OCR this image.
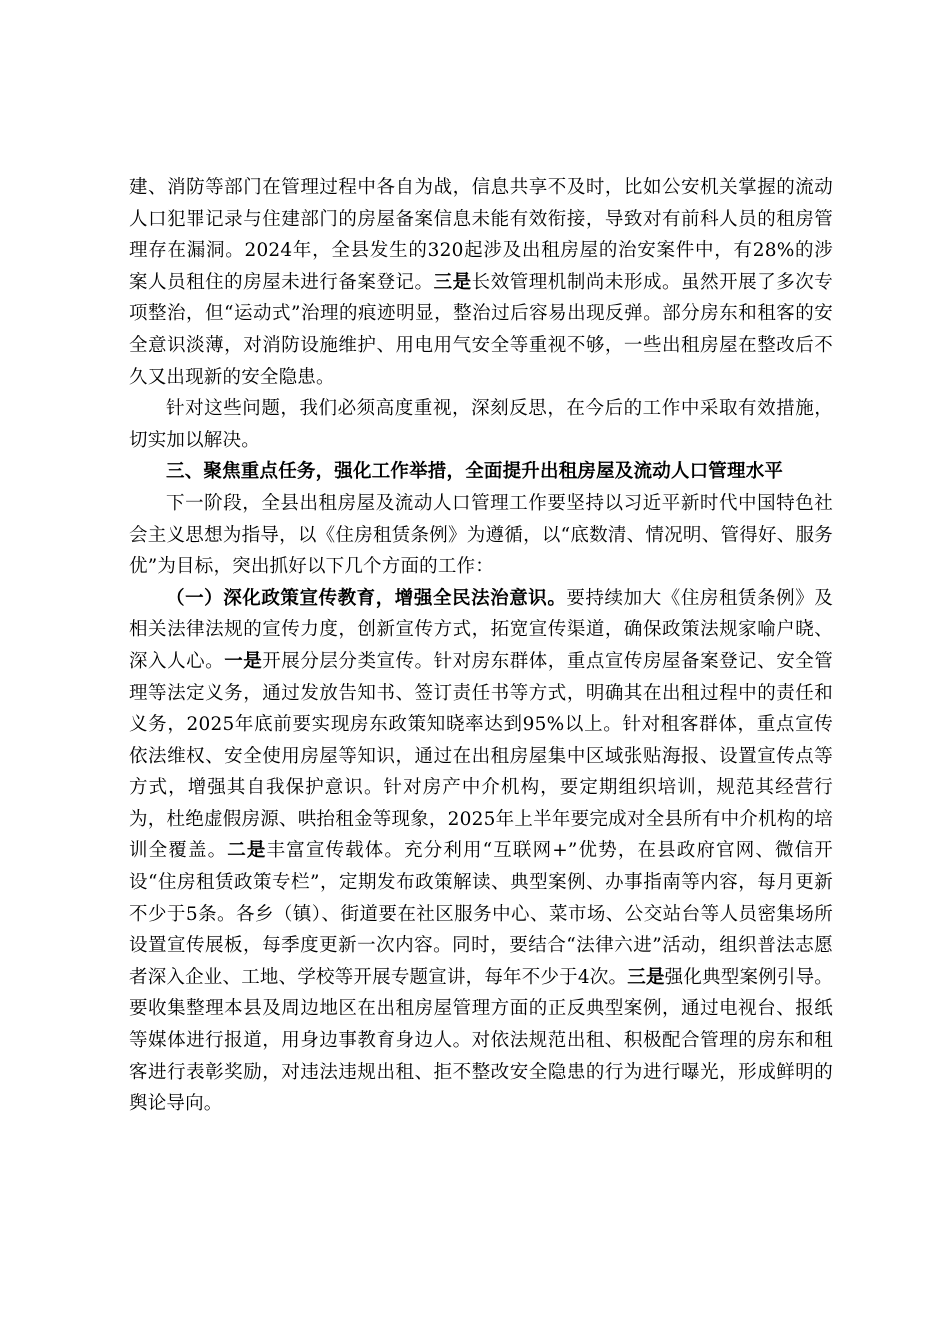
建、消防等部门在管理过程中各自为战，信息共享不及时，比如公安机关掌握的流动人口犯罪记录与住建部门的房屋备案信息未能有效衔接，导致对有前科人员的租房管理存在漏洞。2024年，全县发生的320起涉及出租房屋的治安案件中，有28%的涉案人员租住的房屋未进行备案登记。三是长效管理机制尚未形成。虽然开展了多次专项整治，但“运动式”治理的痕迹明显，整治过后容易出现反弹。部分房东和租客的安全意识淡薄，对消防设施维护、用电用气安全等重视不够，一些出租房屋在整改后不久又出现新的安全隐患。

针对这些问题，我们必须高度重视，深刻反思，在今后的工作中采取有效措施，切实加以解决。

三、聚焦重点任务，强化工作举措，全面提升出租房屋及流动人口管理水平

下一阶段，全县出租房屋及流动人口管理工作要坚持以习近平新时代中国特色社会主义思想为指导，以《住房租赁条例》为遵循，以“底数清、情况明、管得好、服务优”为目标，突出抓好以下几个方面的工作：

（一）深化政策宣传教育，增强全民法治意识。要持续加大《住房租赁条例》及相关法律法规的宣传力度，创新宣传方式，拓宽宣传渠道，确保政策法规家喻户晓、深入人心。一是开展分层分类宣传。针对房东群体，重点宣传房屋备案登记、安全管理等法定义务，通过发放告知书、签订责任书等方式，明确其在出租过程中的责任和义务，2025年底前要实现房东政策知晓率达到95%以上。针对租客群体，重点宣传依法维权、安全使用房屋等知识，通过在出租房屋集中区域张贴海报、设置宣传点等方式，增强其自我保护意识。针对房产中介机构，要定期组织培训，规范其经营行为，杜绝虚假房源、哄抬租金等现象，2025年上半年要完成对全县所有中介机构的培训全覆盖。二是丰富宣传载体。充分利用“互联网+”优势，在县政府官网、微信开设“住房租赁政策专栏”，定期发布政策解读、典型案例、办事指南等内容，每月更新不少于5条。各乡（镇）、街道要在社区服务中心、菜市场、公交站台等人员密集场所设置宣传展板，每季度更新一次内容。同时，要结合“法律六进”活动，组织普法志愿者深入企业、工地、学校等开展专题宣讲，每年不少于4次。三是强化典型案例引导。要收集整理本县及周边地区在出租房屋管理方面的正反典型案例，通过电视台、报纸等媒体进行报道，用身边事教育身边人。对依法规范出租、积极配合管理的房东和租客进行表彰奖励，对违法违规出租、拒不整改安全隐患的行为进行曝光，形成鲜明的舆论导向。
